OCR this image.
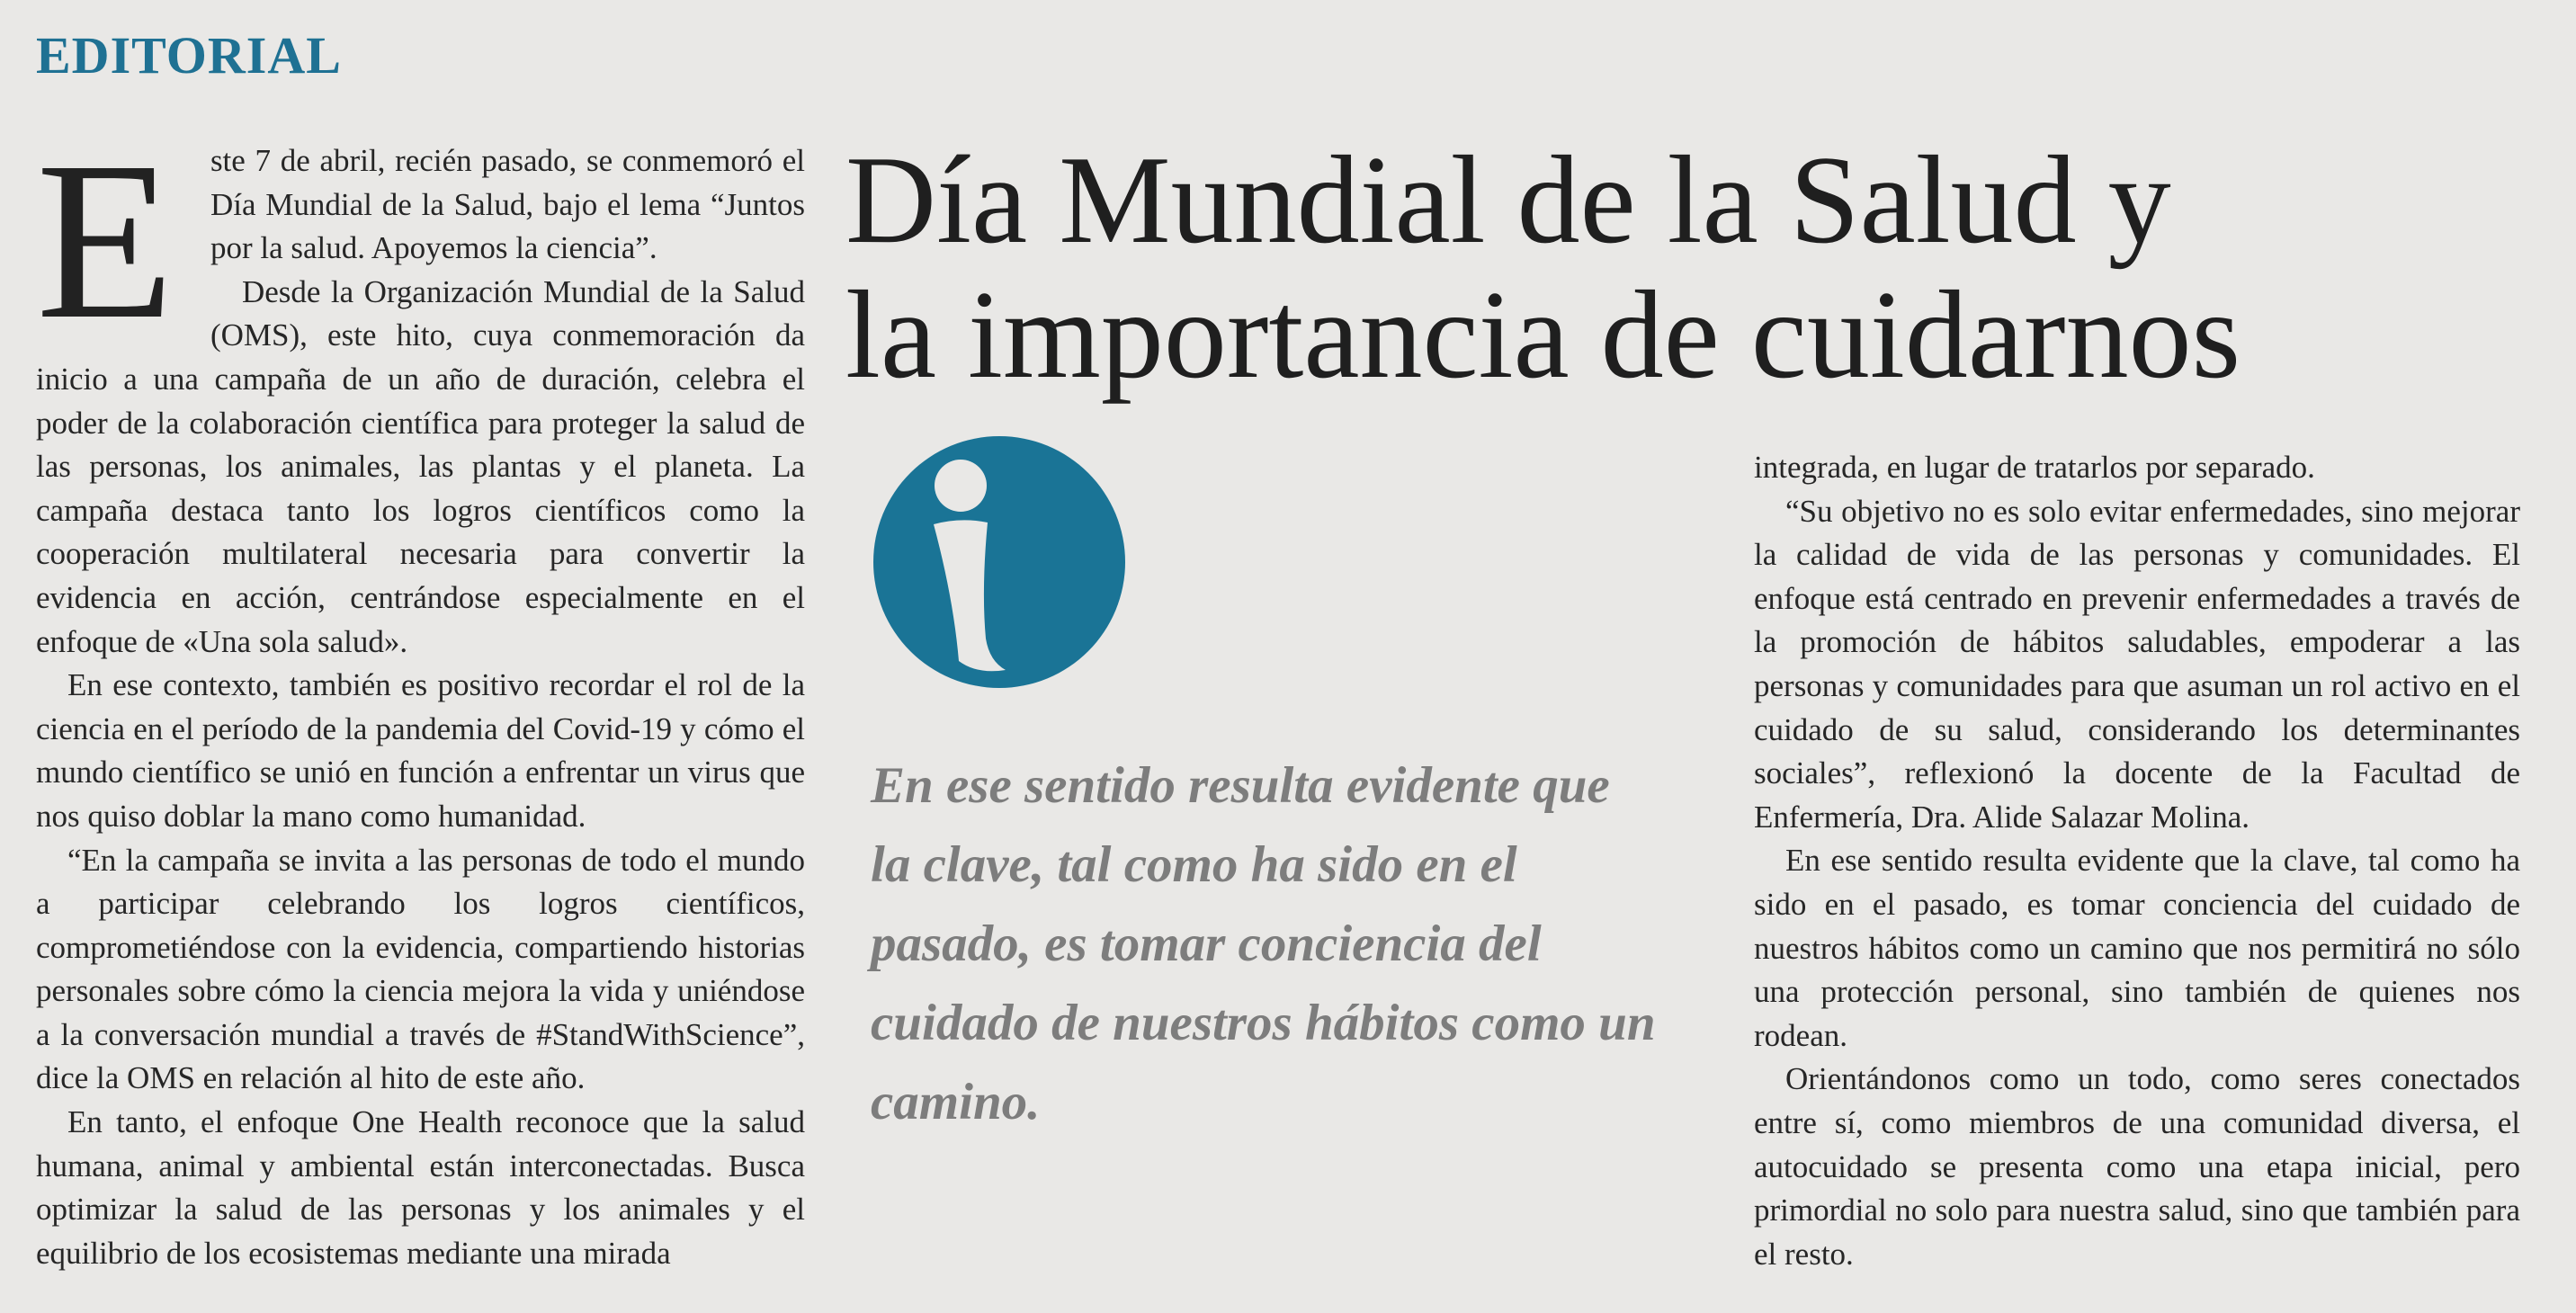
EDITORIAL
E	ste 7 de abril, recién pasado, se conmemoró el Día Mundial de la Salud, bajo el lema “Juntos por la salud. Apoyemos la ciencia”.

Desde la Organización Mundial de la Salud (OMS), este hito, cuya conmemoración da inicio a una campaña de un año de duración, celebra el poder de la colaboración científica para proteger la salud de las personas, los animales, las plantas y el planeta. La campaña destaca tanto los logros científicos como la cooperación multilateral necesaria para convertir la evidencia en acción, centrándose especialmente en el enfoque de «Una sola salud».

En ese contexto, también es positivo recordar el rol de la ciencia en el período de la pandemia del Covid-19 y cómo el mundo científico se unió en función a enfrentar un virus que nos quiso doblar la mano como humanidad.

“En la campaña se invita a las personas de todo el mundo a participar celebrando los logros científicos, comprometiéndose con la evidencia, compartiendo historias personales sobre cómo la ciencia mejora la vida y uniéndose a la conversación mundial a través de #StandWithScience”, dice la OMS en relación al hito de este año.

En tanto, el enfoque One Health reconoce que la salud humana, animal y ambiental están interconectadas. Busca optimizar la salud de las personas y los animales y el equilibrio de los ecosistemas mediante una mirada

Día Mundial de la Salud y la importancia de cuidarnos

En ese sentido resulta evidente que la clave, tal como ha sido en el pasado, es tomar conciencia del cuidado de nuestros hábitos como un camino.

integrada, en lugar de tratarlos por separado.

“Su objetivo no es solo evitar enfermedades, sino mejorar la calidad de vida de las personas y comunidades. El enfoque está centrado en prevenir enfermedades a través de la promoción de hábitos saludables, empoderar a las personas y comunidades para que asuman un rol activo en el cuidado de su salud, considerando los determinantes sociales”, reflexionó la docente de la Facultad de Enfermería, Dra. Alide Salazar Molina.

En ese sentido resulta evidente que la clave, tal como ha sido en el pasado, es tomar conciencia del cuidado de nuestros hábitos como un camino que nos permitirá no sólo una protección personal, sino también de quienes nos rodean.

Orientándonos como un todo, como seres conectados entre sí, como miembros de una comunidad diversa, el autocuidado se presenta como una etapa inicial, pero primordial no solo para nuestra salud, sino que también para el resto.
